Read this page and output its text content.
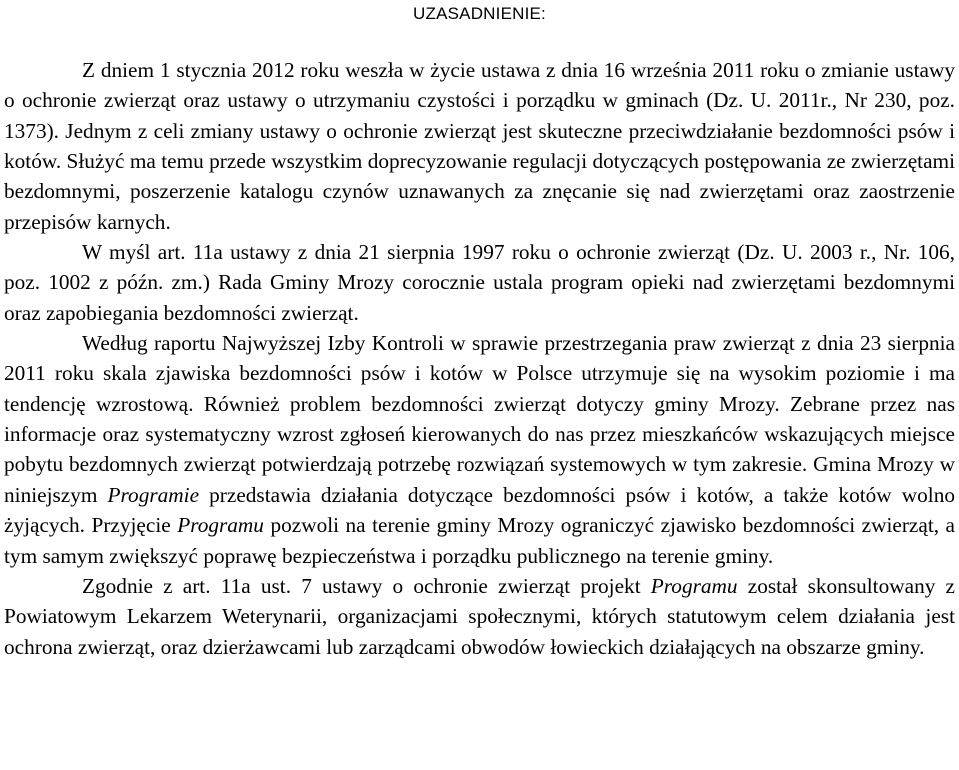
UZASADNIENIE:

Z dniem 1 stycznia 2012 roku weszła w życie ustawa z dnia 16 września 2011 roku o zmianie ustawy o ochronie zwierząt oraz ustawy o utrzymaniu czystości i porządku w gminach (Dz. U. 2011r., Nr 230, poz. 1373). Jednym z celi zmiany ustawy o ochronie zwierząt jest skuteczne przeciwdziałanie bezdomności psów i kotów. Służyć ma temu przede wszystkim doprecyzowanie regulacji dotyczących postępowania ze zwierzętami bezdomnymi, poszerzenie katalogu czynów uznawanych za znęcanie się nad zwierzętami oraz zaostrzenie przepisów karnych.

W myśl art. 11a ustawy z dnia 21 sierpnia 1997 roku o ochronie zwierząt (Dz. U. 2003 r., Nr. 106, poz. 1002 z późn. zm.) Rada Gminy Mrozy corocznie ustala program opieki nad zwierzętami bezdomnymi oraz zapobiegania bezdomności zwierząt.

Według raportu Najwyższej Izby Kontroli w sprawie przestrzegania praw zwierząt z dnia 23 sierpnia 2011 roku skala zjawiska bezdomności psów i kotów w Polsce utrzymuje się na wysokim poziomie i ma tendencję wzrostową. Również problem bezdomności zwierząt dotyczy gminy Mrozy. Zebrane przez nas informacje oraz systematyczny wzrost zgłoseń kierowanych do nas przez mieszkańców wskazujących miejsce pobytu bezdomnych zwierząt potwierdzają potrzebę rozwiązań systemowych w tym zakresie. Gmina Mrozy w niniejszym Programie przedstawia działania dotyczące bezdomności psów i kotów, a także kotów wolno żyjących. Przyjęcie Programu pozwoli na terenie gminy Mrozy ograniczyć zjawisko bezdomności zwierząt, a tym samym zwiększyć poprawę bezpieczeństwa i porządku publicznego na terenie gminy.

Zgodnie z art. 11a ust. 7 ustawy o ochronie zwierząt projekt Programu został skonsultowany z Powiatowym Lekarzem Weterynarii, organizacjami społecznymi, których statutowym celem działania jest ochrona zwierząt, oraz dzierżawcami lub zarządcami obwodów łowieckich działających na obszarze gminy.
